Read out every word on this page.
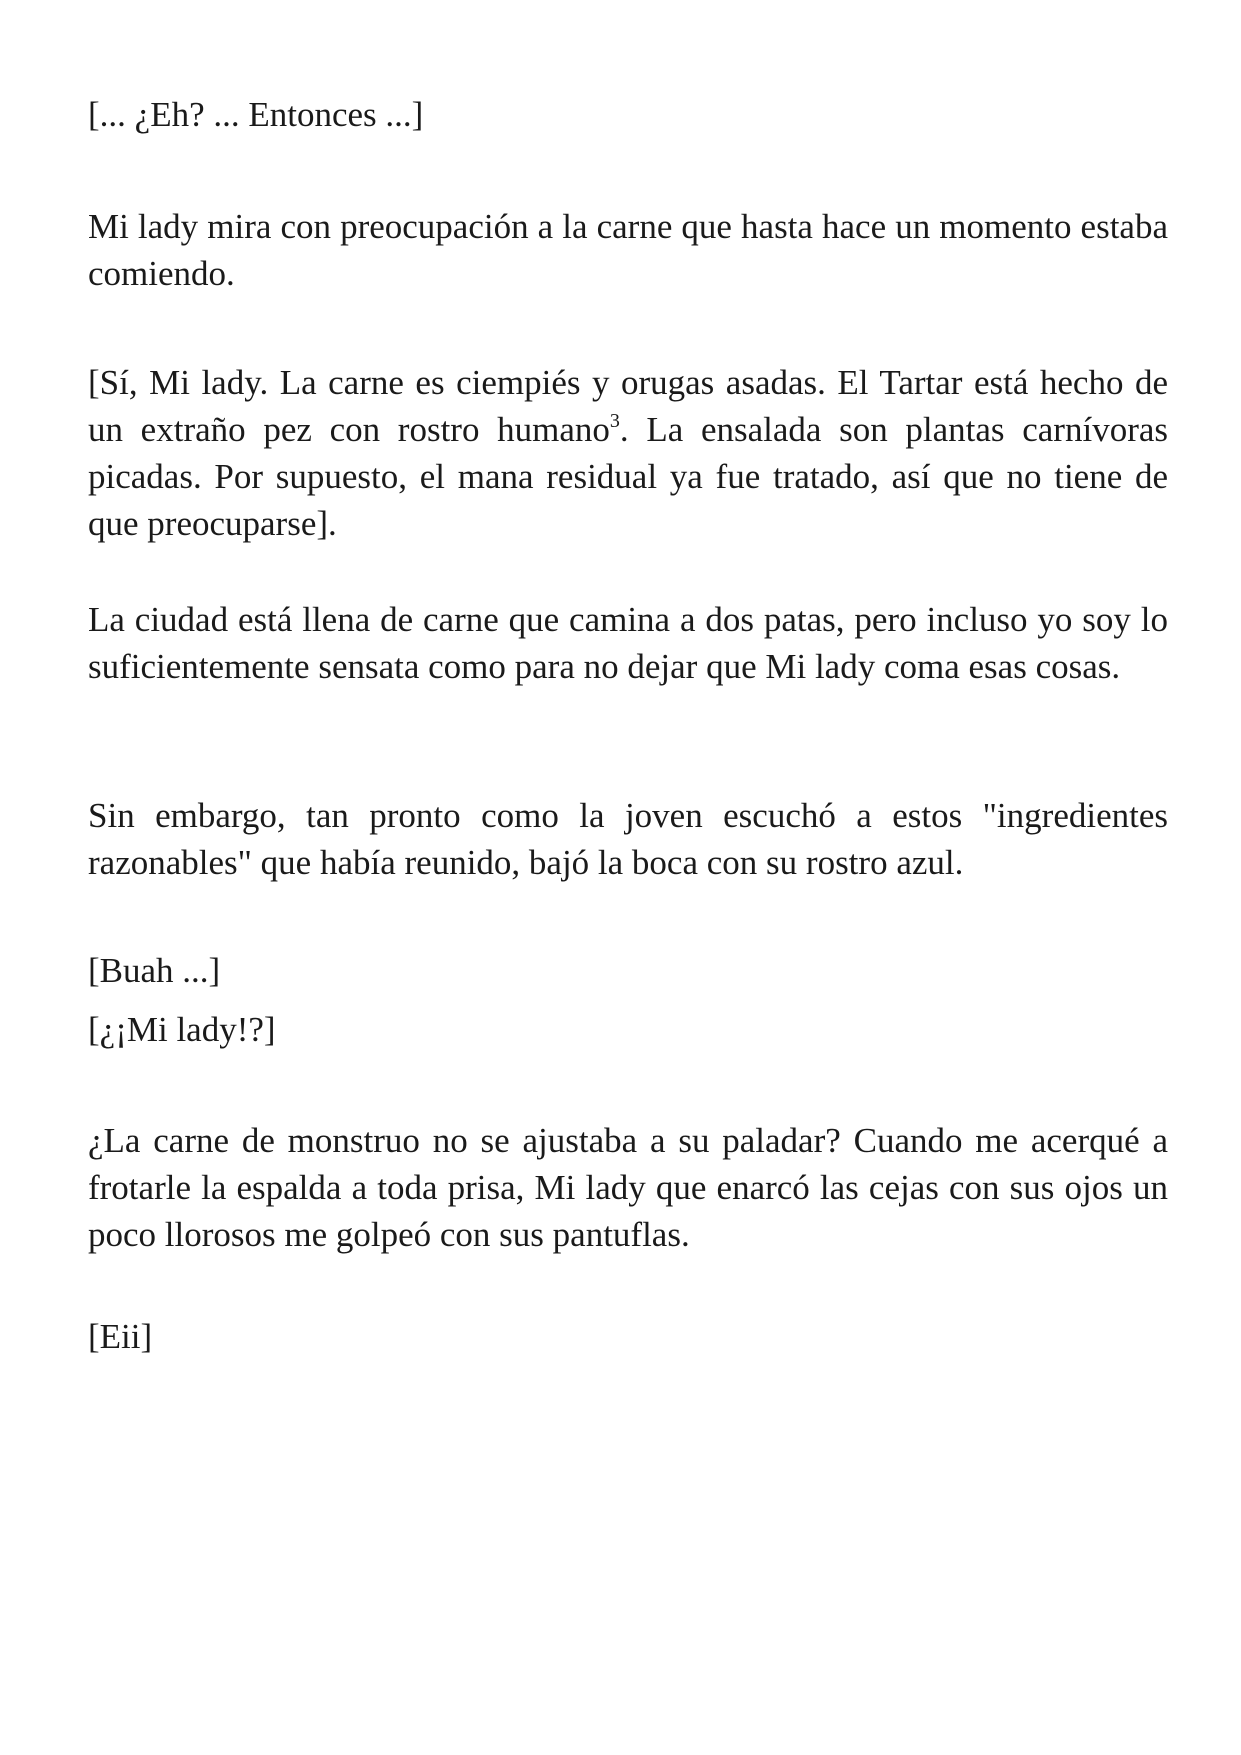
[... ¿Eh? ... Entonces ...]

Mi lady mira con preocupación a la carne que hasta hace un momento estaba comiendo.

[Sí, Mi lady. La carne es ciempiés y orugas asadas. El Tartar está hecho de un extraño pez con rostro humano$^3$. La ensalada son plantas carnívoras picadas. Por supuesto, el mana residual ya fue tratado, así que no tiene de que preocuparse].

La ciudad está llena de carne que camina a dos patas, pero incluso yo soy lo suficientemente sensata como para no dejar que Mi lady coma esas cosas.

Sin embargo, tan pronto como la joven escuchó a estos "ingredientes razonables" que había reunido, bajó la boca con su rostro azul.

[Buah ...]

[¿¡Mi lady!?]

¿La carne de monstruo no se ajustaba a su paladar? Cuando me acerqué a frotarle la espalda a toda prisa, Mi lady que enarcó las cejas con sus ojos un poco llorosos me golpeó con sus pantuflas.

[Eii]
